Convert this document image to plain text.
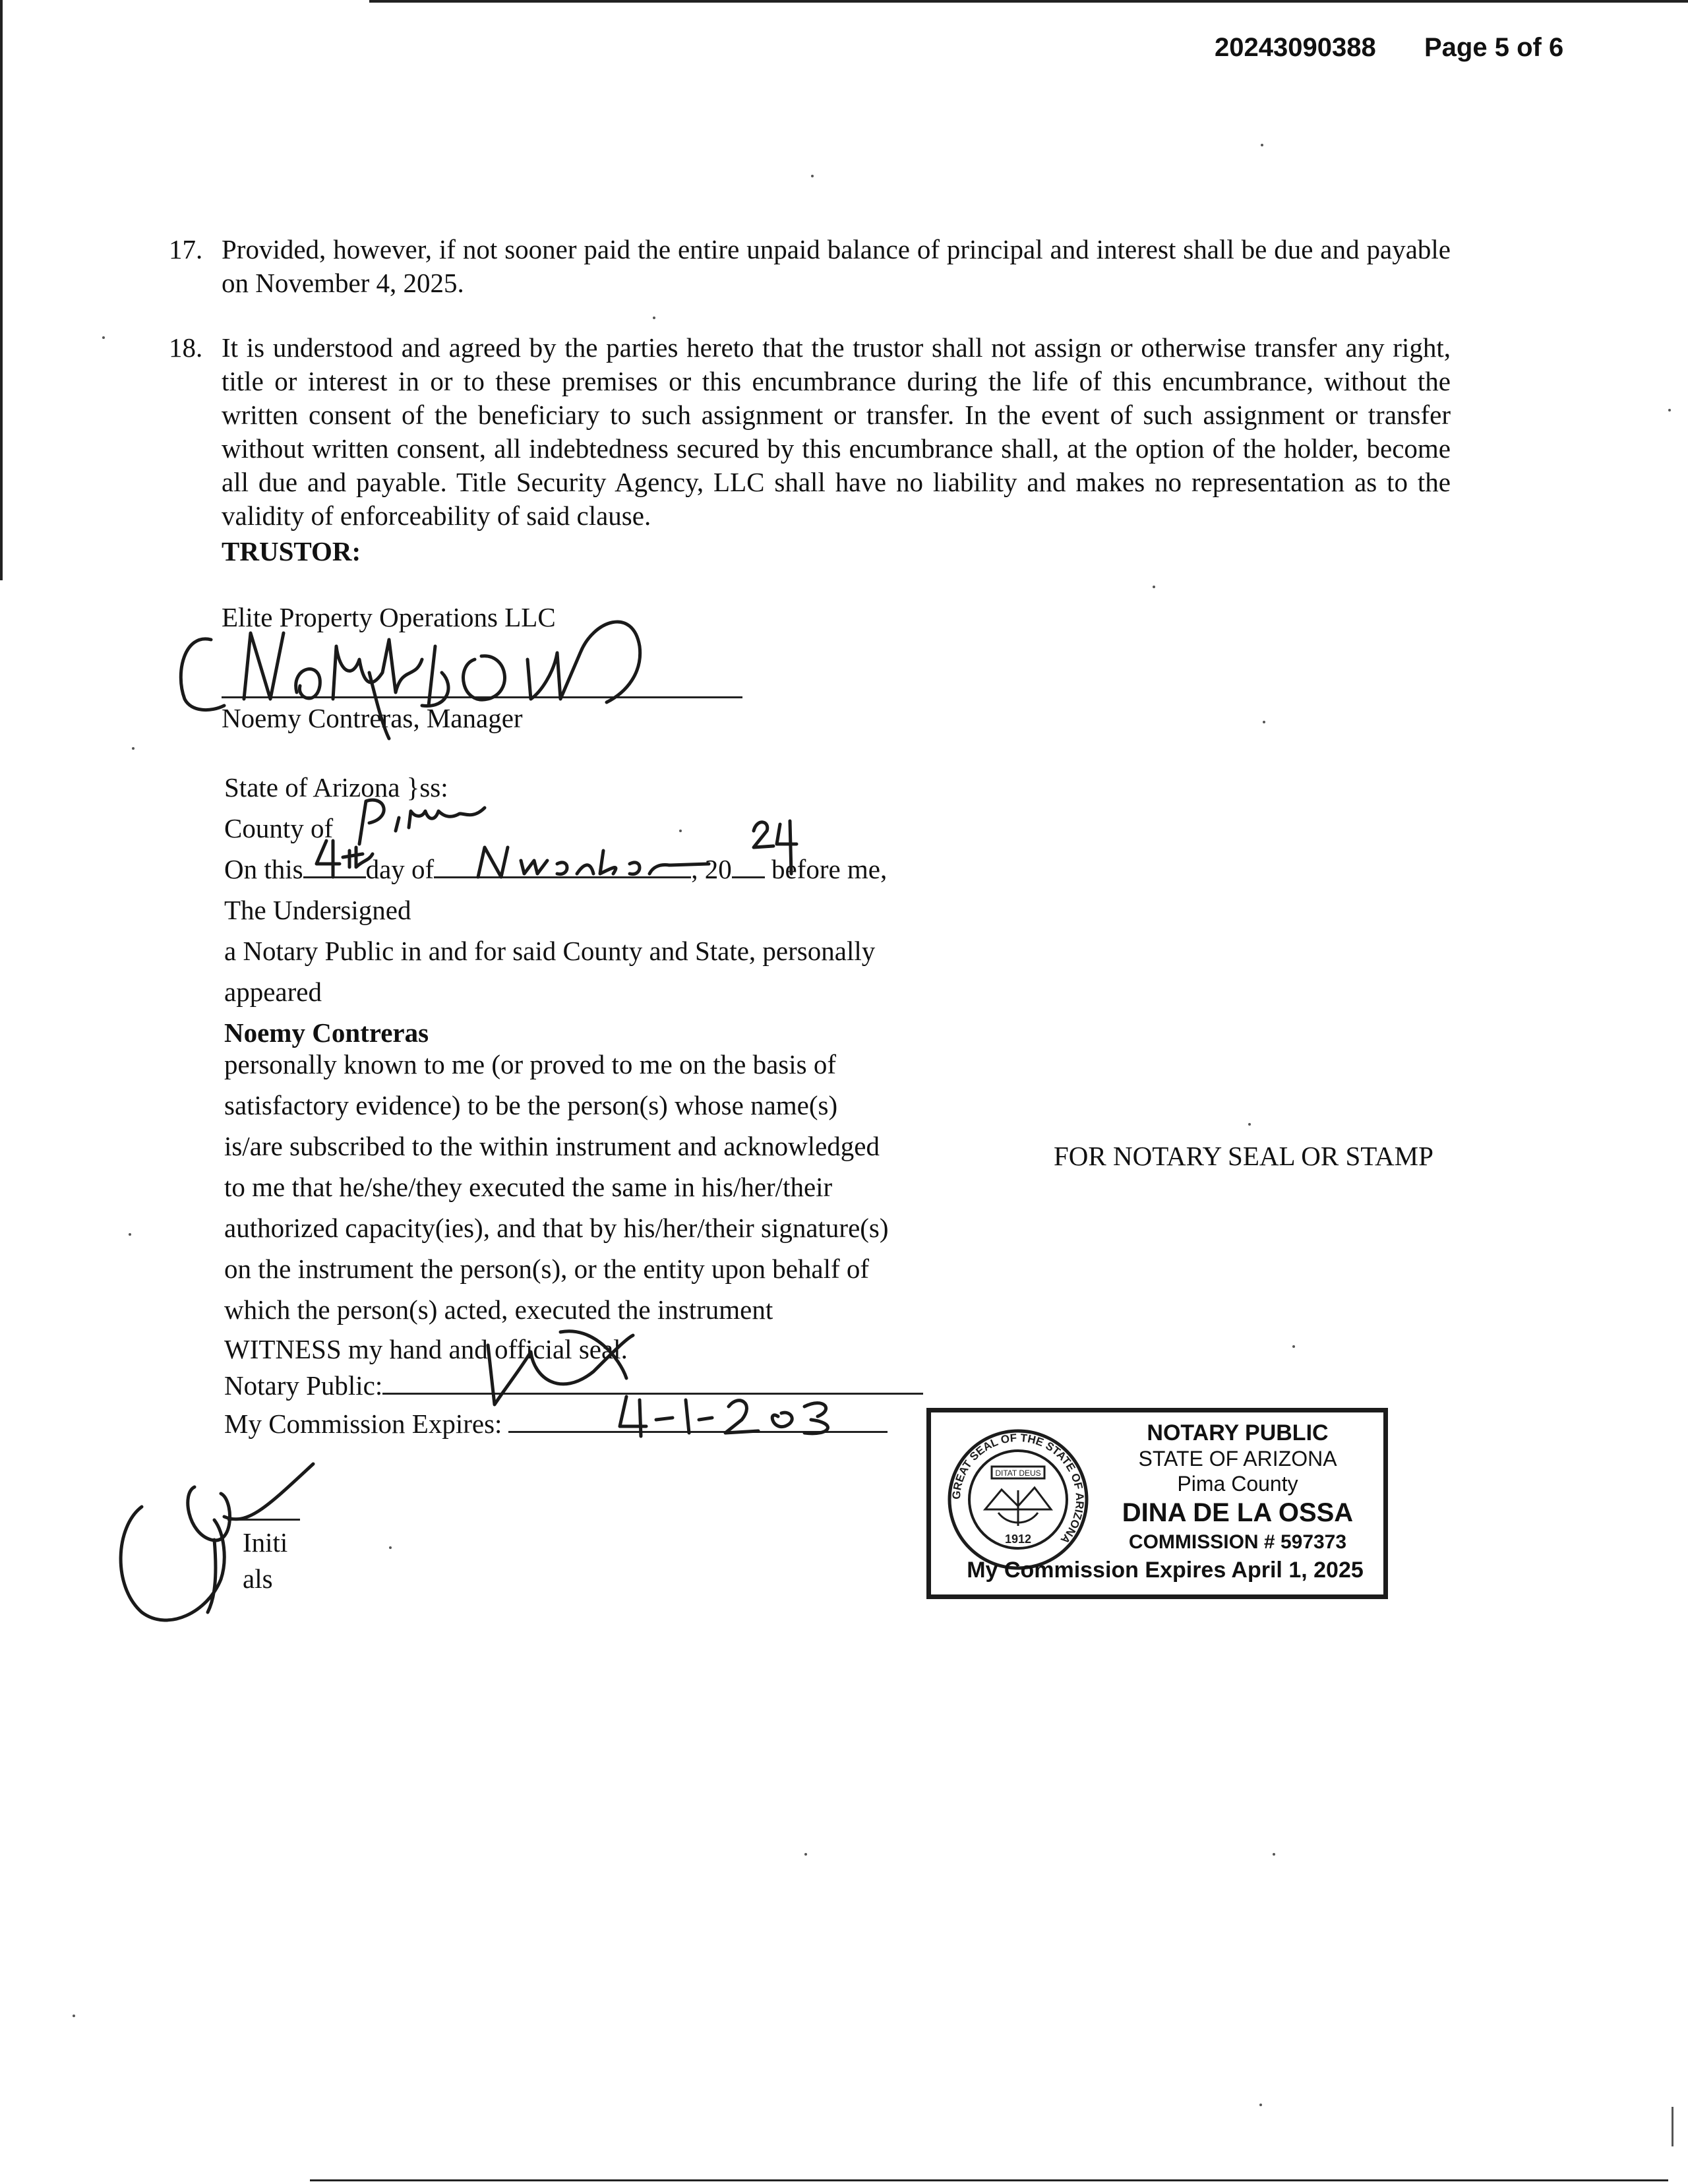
20243090388 Page 5 of 6
17. Provided, however, if not sooner paid the entire unpaid balance of principal and interest shall be due and payable on November 4, 2025.
18. It is understood and agreed by the parties hereto that the trustor shall not assign or otherwise transfer any right, title or interest in or to these premises or this encumbrance during the life of this encumbrance, without the written consent of the beneficiary to such assignment or transfer. In the event of such assignment or transfer without written consent, all indebtedness secured by this encumbrance shall, at the option of the holder, become all due and payable. Title Security Agency, LLC shall have no liability and makes no representation as to the validity of enforceability of said clause.
TRUSTOR:
Elite Property Operations LLC
Noemy Contreras, Manager
State of Arizona }ss:
County of
On this day of	, 20 before me,
The Undersigned
a Notary Public in and for said County and State, personally
appeared
Noemy Contreras
personally known to me (or proved to me on the basis of
satisfactory evidence) to be the person(s) whose name(s)
is/are subscribed to the within instrument and acknowledged
to me that he/she/they executed the same in his/her/their
authorized capacity(ies), and that by his/her/their signature(s)
on the instrument the person(s), or the entity upon behalf of
which the person(s) acted, executed the instrument
WITNESS my hand and official seal.
Notary Public:
My Commission Expires:
FOR NOTARY SEAL OR STAMP
GREAT SEAL OF THE STATE OF ARIZONA
DITAT DEUS
1912
NOTARY PUBLIC
STATE OF ARIZONA
Pima County
DINA DE LA OSSA
COMMISSION # 597373
My Commission Expires April 1, 2025
Initi
als
